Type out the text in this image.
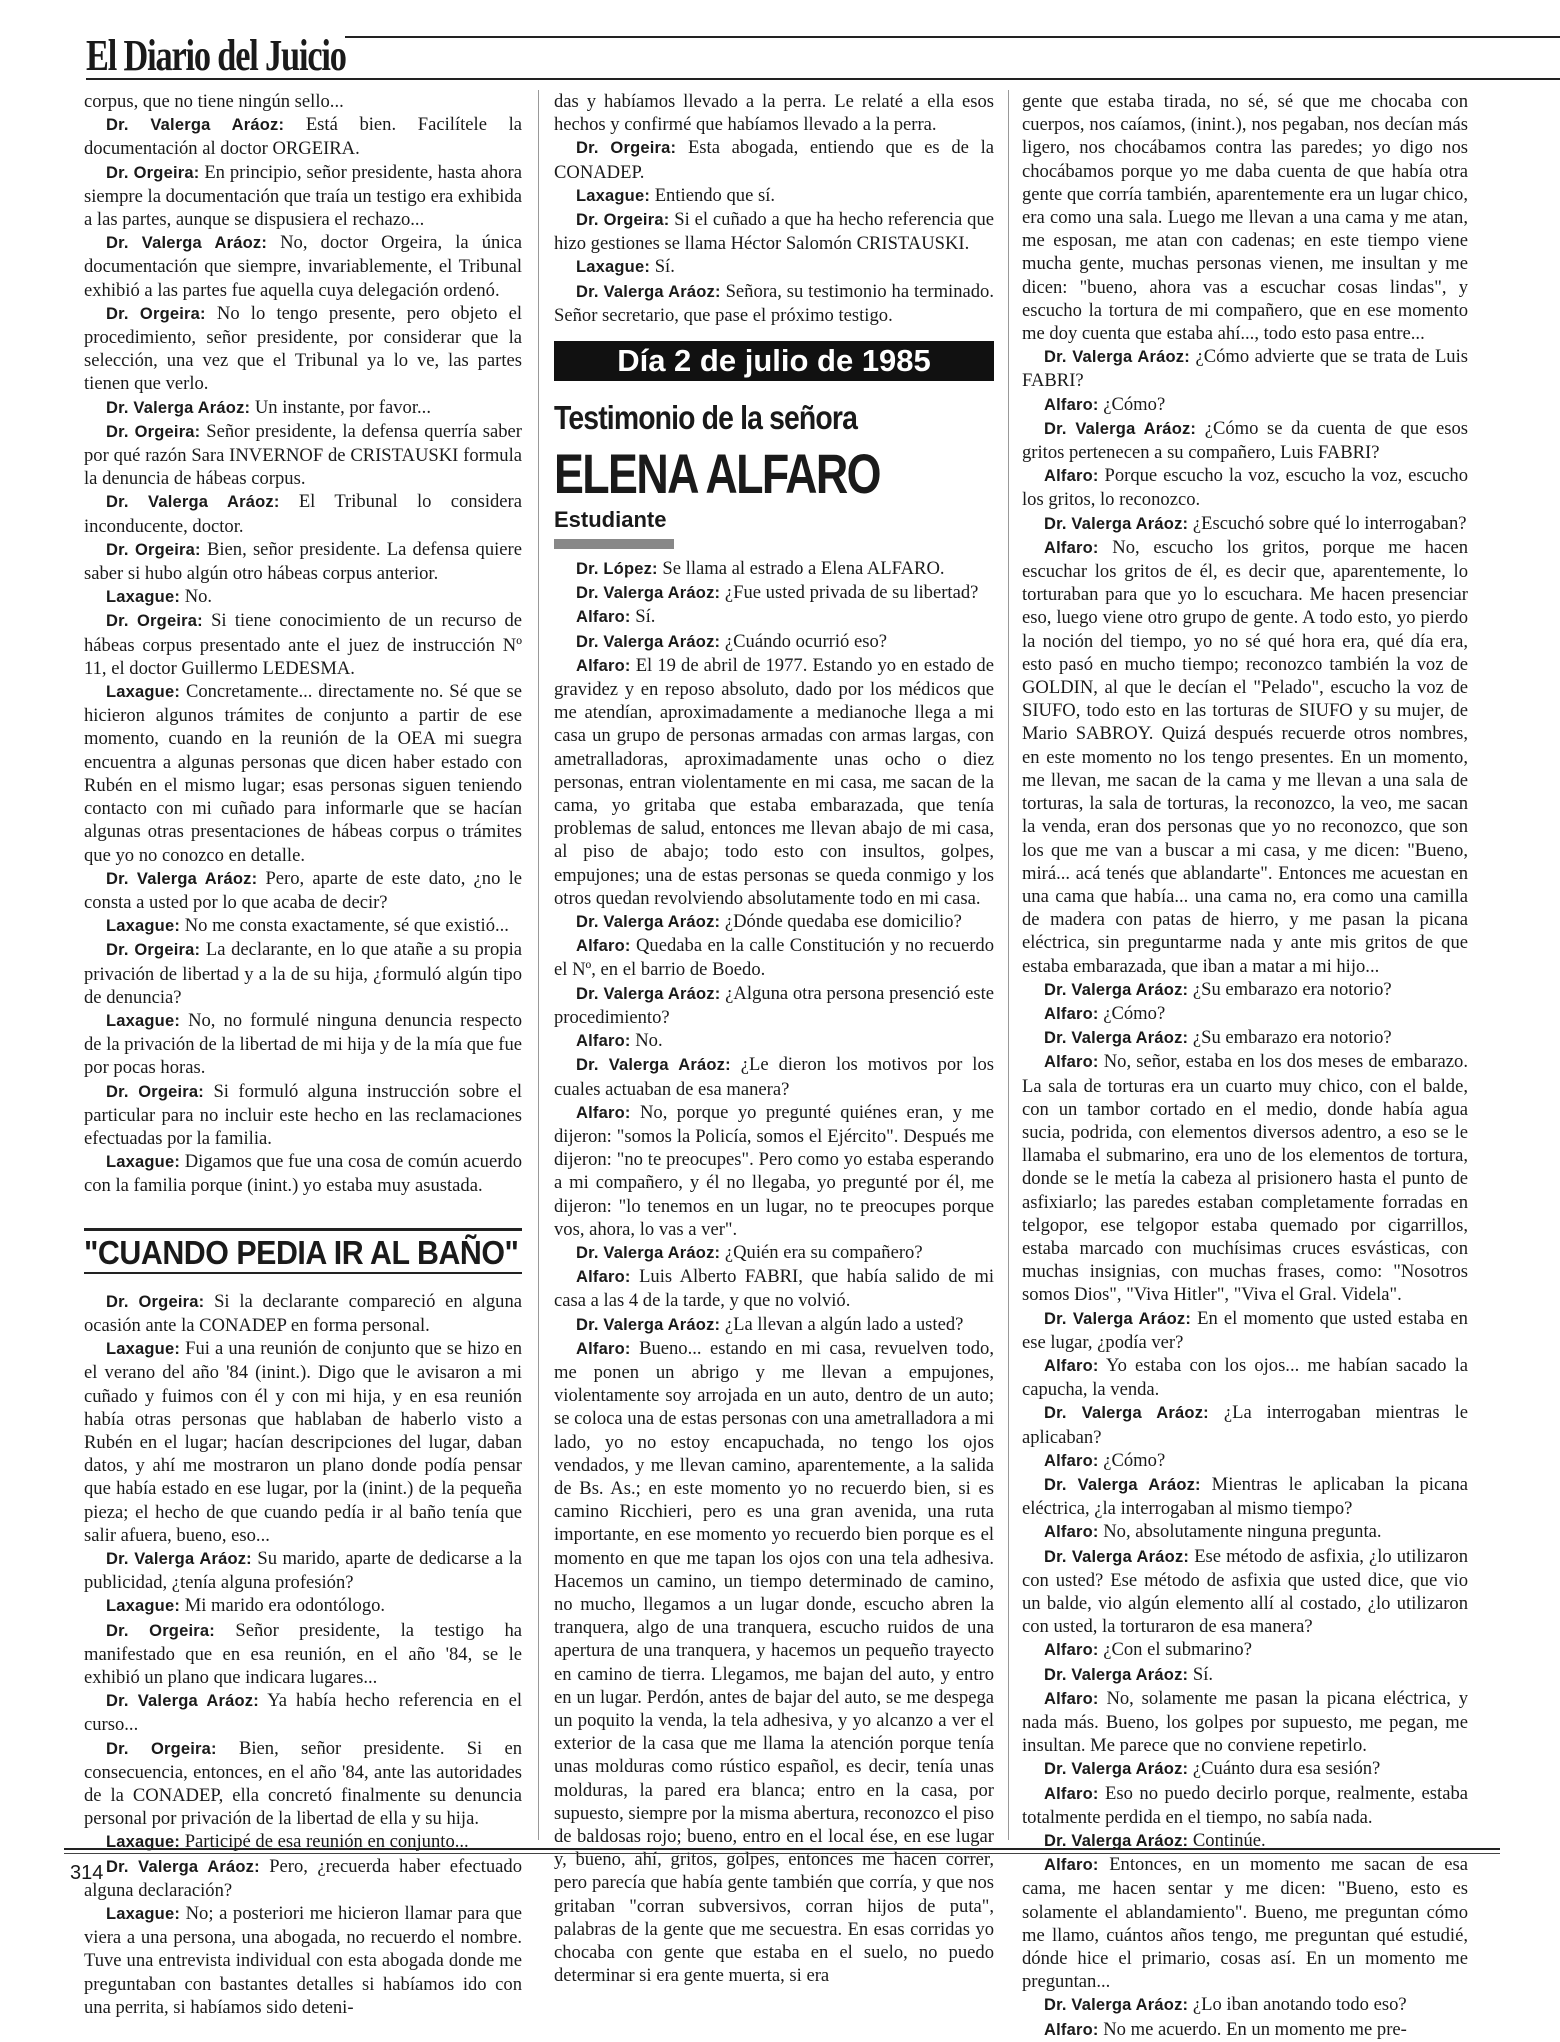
El Diario del Juicio

corpus, que no tiene ningún sello...

Dr. Valerga Aráoz: Está bien. Facilítele la documentación al doctor ORGEIRA.

Dr. Orgeira: En principio, señor presidente, hasta ahora siempre la documentación que traía un testigo era exhibida a las partes, aunque se dispusiera el rechazo...

Dr. Valerga Aráoz: No, doctor Orgeira, la única documentación que siempre, invariablemente, el Tribunal exhibió a las partes fue aquella cuya delegación ordenó.

Dr. Orgeira: No lo tengo presente, pero objeto el procedimiento, señor presidente, por considerar que la selección, una vez que el Tribunal ya lo ve, las partes tienen que verlo.

Dr. Valerga Aráoz: Un instante, por favor...

Dr. Orgeira: Señor presidente, la defensa querría saber por qué razón Sara INVERNOF de CRISTAUSKI formula la denuncia de hábeas corpus.

Dr. Valerga Aráoz: El Tribunal lo considera inconducente, doctor.

Dr. Orgeira: Bien, señor presidente. La defensa quiere saber si hubo algún otro hábeas corpus anterior.

Laxague: No.

Dr. Orgeira: Si tiene conocimiento de un recurso de hábeas corpus presentado ante el juez de instrucción Nº 11, el doctor Guillermo LEDESMA.

Laxague: Concretamente... directamente no. Sé que se hicieron algunos trámites de conjunto a partir de ese momento, cuando en la reunión de la OEA mi suegra encuentra a algunas personas que dicen haber estado con Rubén en el mismo lugar; esas personas siguen teniendo contacto con mi cuñado para informarle que se hacían algunas otras presentaciones de hábeas corpus o trámites que yo no conozco en detalle.

Dr. Valerga Aráoz: Pero, aparte de este dato, ¿no le consta a usted por lo que acaba de decir?

Laxague: No me consta exactamente, sé que existió...

Dr. Orgeira: La declarante, en lo que atañe a su propia privación de libertad y a la de su hija, ¿formuló algún tipo de denuncia?

Laxague: No, no formulé ninguna denuncia respecto de la privación de la libertad de mi hija y de la mía que fue por pocas horas.

Dr. Orgeira: Si formuló alguna instrucción sobre el particular para no incluir este hecho en las reclamaciones efectuadas por la familia.

Laxague: Digamos que fue una cosa de común acuerdo con la familia porque (inint.) yo estaba muy asustada.

"CUANDO PEDIA IR AL BAÑO"

Dr. Orgeira: Si la declarante compareció en alguna ocasión ante la CONADEP en forma personal.

Laxague: Fui a una reunión de conjunto que se hizo en el verano del año '84 (inint.). Digo que le avisaron a mi cuñado y fuimos con él y con mi hija, y en esa reunión había otras personas que hablaban de haberlo visto a Rubén en el lugar; hacían descripciones del lugar, daban datos, y ahí me mostraron un plano donde podía pensar que había estado en ese lugar, por la (inint.) de la pequeña pieza; el hecho de que cuando pedía ir al baño tenía que salir afuera, bueno, eso...

Dr. Valerga Aráoz: Su marido, aparte de dedicarse a la publicidad, ¿tenía alguna profesión?

Laxague: Mi marido era odontólogo.

Dr. Orgeira: Señor presidente, la testigo ha manifestado que en esa reunión, en el año '84, se le exhibió un plano que indicara lugares...

Dr. Valerga Aráoz: Ya había hecho referencia en el curso...

Dr. Orgeira: Bien, señor presidente. Si en consecuencia, entonces, en el año '84, ante las autoridades de la CONADEP, ella concretó finalmente su denuncia personal por privación de la libertad de ella y su hija.

Laxague: Participé de esa reunión en conjunto...

Dr. Valerga Aráoz: Pero, ¿recuerda haber efectuado alguna declaración?

Laxague: No; a posteriori me hicieron llamar para que viera a una persona, una abogada, no recuerdo el nombre. Tuve una entrevista individual con esta abogada donde me preguntaban con bastantes detalles si habíamos ido con una perrita, si habíamos sido deteni-

das y habíamos llevado a la perra. Le relaté a ella esos hechos y confirmé que habíamos llevado a la perra.

Dr. Orgeira: Esta abogada, entiendo que es de la CONADEP.

Laxague: Entiendo que sí.

Dr. Orgeira: Si el cuñado a que ha hecho referencia que hizo gestiones se llama Héctor Salomón CRISTAUSKI.

Laxague: Sí.

Dr. Valerga Aráoz: Señora, su testimonio ha terminado. Señor secretario, que pase el próximo testigo.

Día 2 de julio de 1985
Testimonio de la señora
ELENA ALFARO
Estudiante

Dr. López: Se llama al estrado a Elena ALFARO.

Dr. Valerga Aráoz: ¿Fue usted privada de su libertad?

Alfaro: Sí.

Dr. Valerga Aráoz: ¿Cuándo ocurrió eso?

Alfaro: El 19 de abril de 1977. Estando yo en estado de gravidez y en reposo absoluto, dado por los médicos que me atendían, aproximadamente a medianoche llega a mi casa un grupo de personas armadas con armas largas, con ametralladoras, aproximadamente unas ocho o diez personas, entran violentamente en mi casa, me sacan de la cama, yo gritaba que estaba embarazada, que tenía problemas de salud, entonces me llevan abajo de mi casa, al piso de abajo; todo esto con insultos, golpes, empujones; una de estas personas se queda conmigo y los otros quedan revolviendo absolutamente todo en mi casa.

Dr. Valerga Aráoz: ¿Dónde quedaba ese domicilio?

Alfaro: Quedaba en la calle Constitución y no recuerdo el Nº, en el barrio de Boedo.

Dr. Valerga Aráoz: ¿Alguna otra persona presenció este procedimiento?

Alfaro: No.

Dr. Valerga Aráoz: ¿Le dieron los motivos por los cuales actuaban de esa manera?

Alfaro: No, porque yo pregunté quiénes eran, y me dijeron: "somos la Policía, somos el Ejército". Después me dijeron: "no te preocupes". Pero como yo estaba esperando a mi compañero, y él no llegaba, yo pregunté por él, me dijeron: "lo tenemos en un lugar, no te preocupes porque vos, ahora, lo vas a ver".

Dr. Valerga Aráoz: ¿Quién era su compañero?

Alfaro: Luis Alberto FABRI, que había salido de mi casa a las 4 de la tarde, y que no volvió.

Dr. Valerga Aráoz: ¿La llevan a algún lado a usted?

Alfaro: Bueno... estando en mi casa, revuelven todo, me ponen un abrigo y me llevan a empujones, violentamente soy arrojada en un auto, dentro de un auto; se coloca una de estas personas con una ametralladora a mi lado, yo no estoy encapuchada, no tengo los ojos vendados, y me llevan camino, aparentemente, a la salida de Bs. As.; en este momento yo no recuerdo bien, si es camino Ricchieri, pero es una gran avenida, una ruta importante, en ese momento yo recuerdo bien porque es el momento en que me tapan los ojos con una tela adhesiva. Hacemos un camino, un tiempo determinado de camino, no mucho, llegamos a un lugar donde, escucho abren la tranquera, algo de una tranquera, escucho ruidos de una apertura de una tranquera, y hacemos un pequeño trayecto en camino de tierra. Llegamos, me bajan del auto, y entro en un lugar. Perdón, antes de bajar del auto, se me despega un poquito la venda, la tela adhesiva, y yo alcanzo a ver el exterior de la casa que me llama la atención porque tenía unas molduras como rústico español, es decir, tenía unas molduras, la pared era blanca; entro en la casa, por supuesto, siempre por la misma abertura, reconozco el piso de baldosas rojo; bueno, entro en el local ése, en ese lugar y, bueno, ahí, gritos, golpes, entonces me hacen correr, pero parecía que había gente también que corría, y que nos gritaban "corran subversivos, corran hijos de puta", palabras de la gente que me secuestra. En esas corridas yo chocaba con gente que estaba en el suelo, no puedo determinar si era gente muerta, si era

gente que estaba tirada, no sé, sé que me chocaba con cuerpos, nos caíamos, (inint.), nos pegaban, nos decían más ligero, nos chocábamos contra las paredes; yo digo nos chocábamos porque yo me daba cuenta de que había otra gente que corría también, aparentemente era un lugar chico, era como una sala. Luego me llevan a una cama y me atan, me esposan, me atan con cadenas; en este tiempo viene mucha gente, muchas personas vienen, me insultan y me dicen: "bueno, ahora vas a escuchar cosas lindas", y escucho la tortura de mi compañero, que en ese momento me doy cuenta que estaba ahí..., todo esto pasa entre...

Dr. Valerga Aráoz: ¿Cómo advierte que se trata de Luis FABRI?

Alfaro: ¿Cómo?

Dr. Valerga Aráoz: ¿Cómo se da cuenta de que esos gritos pertenecen a su compañero, Luis FABRI?

Alfaro: Porque escucho la voz, escucho la voz, escucho los gritos, lo reconozco.

Dr. Valerga Aráoz: ¿Escuchó sobre qué lo interrogaban?

Alfaro: No, escucho los gritos, porque me hacen escuchar los gritos de él, es decir que, aparentemente, lo torturaban para que yo lo escuchara. Me hacen presenciar eso, luego viene otro grupo de gente. A todo esto, yo pierdo la noción del tiempo, yo no sé qué hora era, qué día era, esto pasó en mucho tiempo; reconozco también la voz de GOLDIN, al que le decían el "Pelado", escucho la voz de SIUFO, todo esto en las torturas de SIUFO y su mujer, de Mario SABROY. Quizá después recuerde otros nombres, en este momento no los tengo presentes. En un momento, me llevan, me sacan de la cama y me llevan a una sala de torturas, la sala de torturas, la reconozco, la veo, me sacan la venda, eran dos personas que yo no reconozco, que son los que me van a buscar a mi casa, y me dicen: "Bueno, mirá... acá tenés que ablandarte". Entonces me acuestan en una cama que había... una cama no, era como una camilla de madera con patas de hierro, y me pasan la picana eléctrica, sin preguntarme nada y ante mis gritos de que estaba embarazada, que iban a matar a mi hijo...

Dr. Valerga Aráoz: ¿Su embarazo era notorio?

Alfaro: ¿Cómo?

Dr. Valerga Aráoz: ¿Su embarazo era notorio?

Alfaro: No, señor, estaba en los dos meses de embarazo. La sala de torturas era un cuarto muy chico, con el balde, con un tambor cortado en el medio, donde había agua sucia, podrida, con elementos diversos adentro, a eso se le llamaba el submarino, era uno de los elementos de tortura, donde se le metía la cabeza al prisionero hasta el punto de asfixiarlo; las paredes estaban completamente forradas en telgopor, ese telgopor estaba quemado por cigarrillos, estaba marcado con muchísimas cruces esvásticas, con muchas insignias, con muchas frases, como: "Nosotros somos Dios", "Viva Hitler", "Viva el Gral. Videla".

Dr. Valerga Aráoz: En el momento que usted estaba en ese lugar, ¿podía ver?

Alfaro: Yo estaba con los ojos... me habían sacado la capucha, la venda.

Dr. Valerga Aráoz: ¿La interrogaban mientras le aplicaban?

Alfaro: ¿Cómo?

Dr. Valerga Aráoz: Mientras le aplicaban la picana eléctrica, ¿la interrogaban al mismo tiempo?

Alfaro: No, absolutamente ninguna pregunta.

Dr. Valerga Aráoz: Ese método de asfixia, ¿lo utilizaron con usted? Ese método de asfixia que usted dice, que vio un balde, vio algún elemento allí al costado, ¿lo utilizaron con usted, la torturaron de esa manera?

Alfaro: ¿Con el submarino?

Dr. Valerga Aráoz: Sí.

Alfaro: No, solamente me pasan la picana eléctrica, y nada más. Bueno, los golpes por supuesto, me pegan, me insultan. Me parece que no conviene repetirlo.

Dr. Valerga Aráoz: ¿Cuánto dura esa sesión?

Alfaro: Eso no puedo decirlo porque, realmente, estaba totalmente perdida en el tiempo, no sabía nada.

Dr. Valerga Aráoz: Continúe.

Alfaro: Entonces, en un momento me sacan de esa cama, me hacen sentar y me dicen: "Bueno, esto es solamente el ablandamiento". Bueno, me preguntan cómo me llamo, cuántos años tengo, me preguntan qué estudié, dónde hice el primario, cosas así. En un momento me preguntan...

Dr. Valerga Aráoz: ¿Lo iban anotando todo eso?

Alfaro: No me acuerdo. En un momento me pre-

314
